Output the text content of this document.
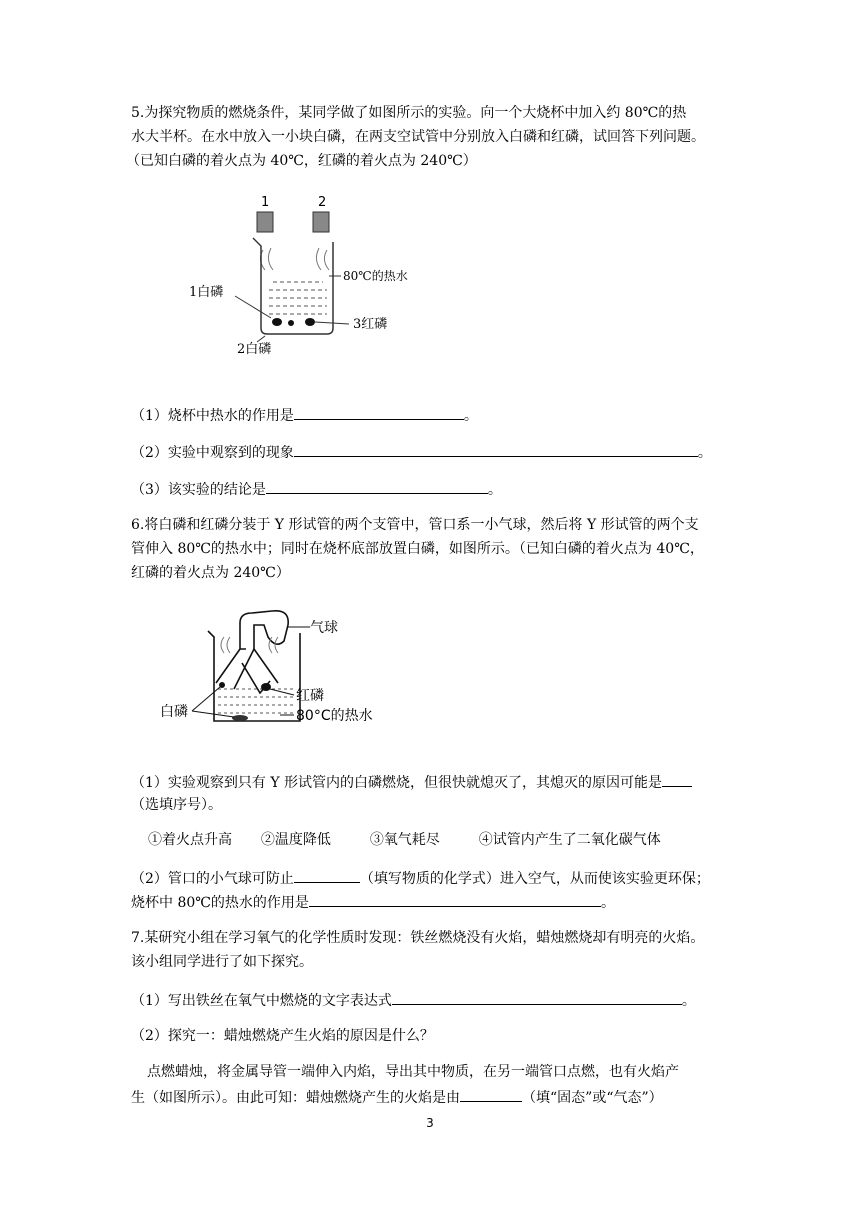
5.为探究物质的燃烧条件，某同学做了如图所示的实验。向一个大烧杯中加入约 80℃的热
水大半杯。在水中放入一小块白磷，在两支空试管中分别放入白磷和红磷，试回答下列问题。
（已知白磷的着火点为 40℃，红磷的着火点为 240℃）
1	2
80℃的热水
1白磷
3红磷
2白磷
（1）烧杯中热水的作用是	。
（2）实验中观察到的现象	。
（3）该实验的结论是	。
6.将白磷和红磷分装于 Y 形试管的两个支管中，管口系一小气球，然后将 Y 形试管的两个支
管伸入 80℃的热水中；同时在烧杯底部放置白磷，如图所示。（已知白磷的着火点为 40℃，
红磷的着火点为 240℃）
气球
红磷
80°C的热水
白磷
（1）实验观察到只有 Y 形试管内的白磷燃烧，但很快就熄灭了，其熄灭的原因可能是
（选填序号）。
①着火点升高 ②温度降低	③氧气耗尽	④试管内产生了二氧化碳气体
（2）管口的小气球可防止	（填写物质的化学式）进入空气，从而使该实验更环保；
烧杯中 80℃的热水的作用是	。
7.某研究小组在学习氧气的化学性质时发现：铁丝燃烧没有火焰，蜡烛燃烧却有明亮的火焰。
该小组同学进行了如下探究。
（1）写出铁丝在氧气中燃烧的文字表达式	。
（2）探究一：蜡烛燃烧产生火焰的原因是什么？
点燃蜡烛，将金属导管一端伸入内焰，导出其中物质，在另一端管口点燃，也有火焰产
生（如图所示）。由此可知：蜡烛燃烧产生的火焰是由	（填“固态”或“气态”）
3
